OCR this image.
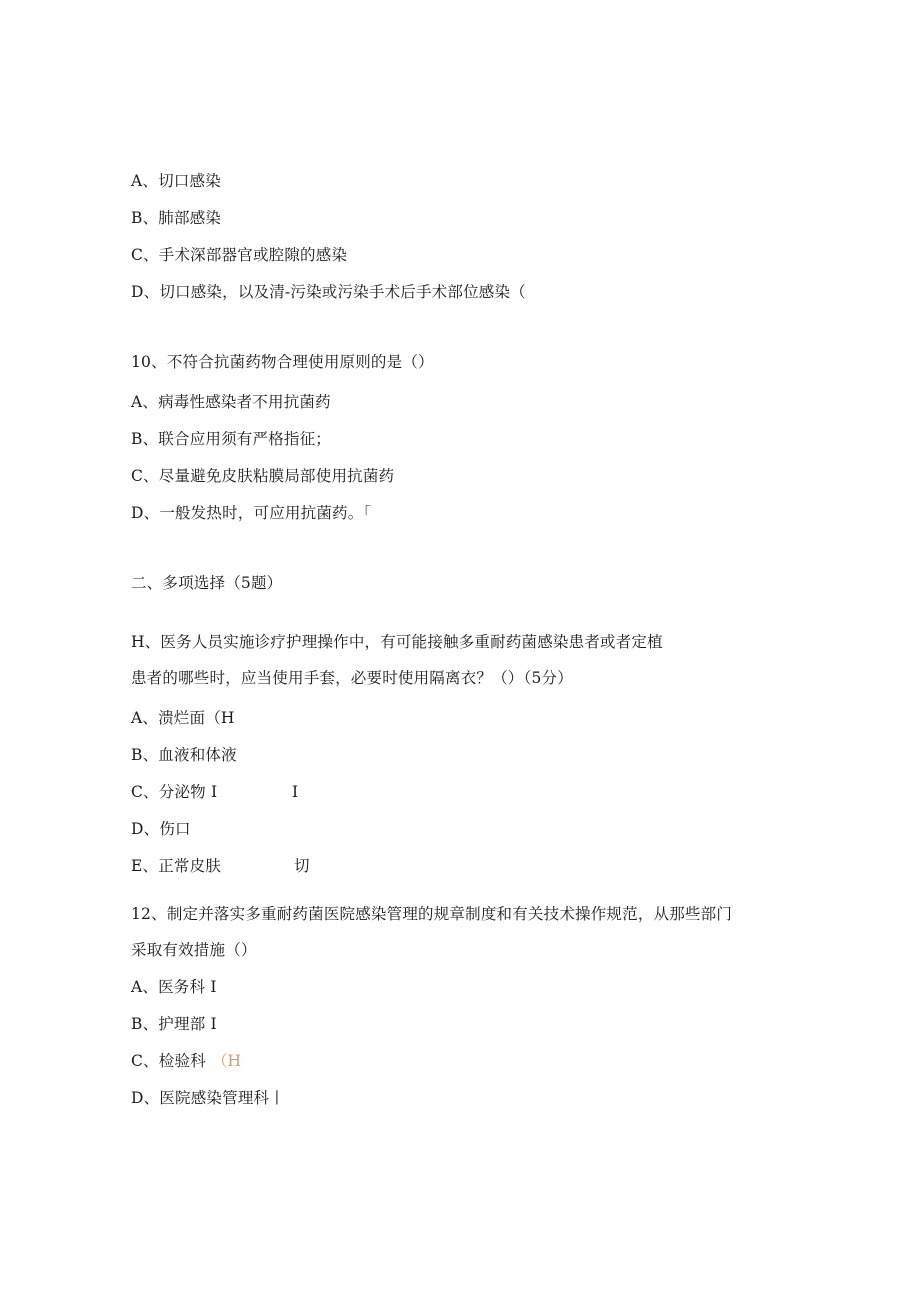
A、切口感染
B、肺部感染
C、手术深部器官或腔隙的感染
D、切口感染，以及清-污染或污染手术后手术部位感染（
10、不符合抗菌药物合理使用原则的是（）
A、病毒性感染者不用抗菌药
B、联合应用须有严格指征；
C、尽量避免皮肤粘膜局部使用抗菌药
D、一般发热时，可应用抗菌药。「
二、多项选择（5题）
H、医务人员实施诊疗护理操作中，有可能接触多重耐药菌感染患者或者定植
患者的哪些时，应当使用手套，必要时使用隔离衣？（）（5分）
A、溃烂面（H
B、血液和体液
C、分泌物 I	I
D、伤口
E、正常皮肤	切
12、制定并落实多重耐药菌医院感染管理的规章制度和有关技术操作规范，从那些部门
采取有效措施（）
A、医务科 I
B、护理部 I
C、检验科 （H
D、医院感染管理科丨
